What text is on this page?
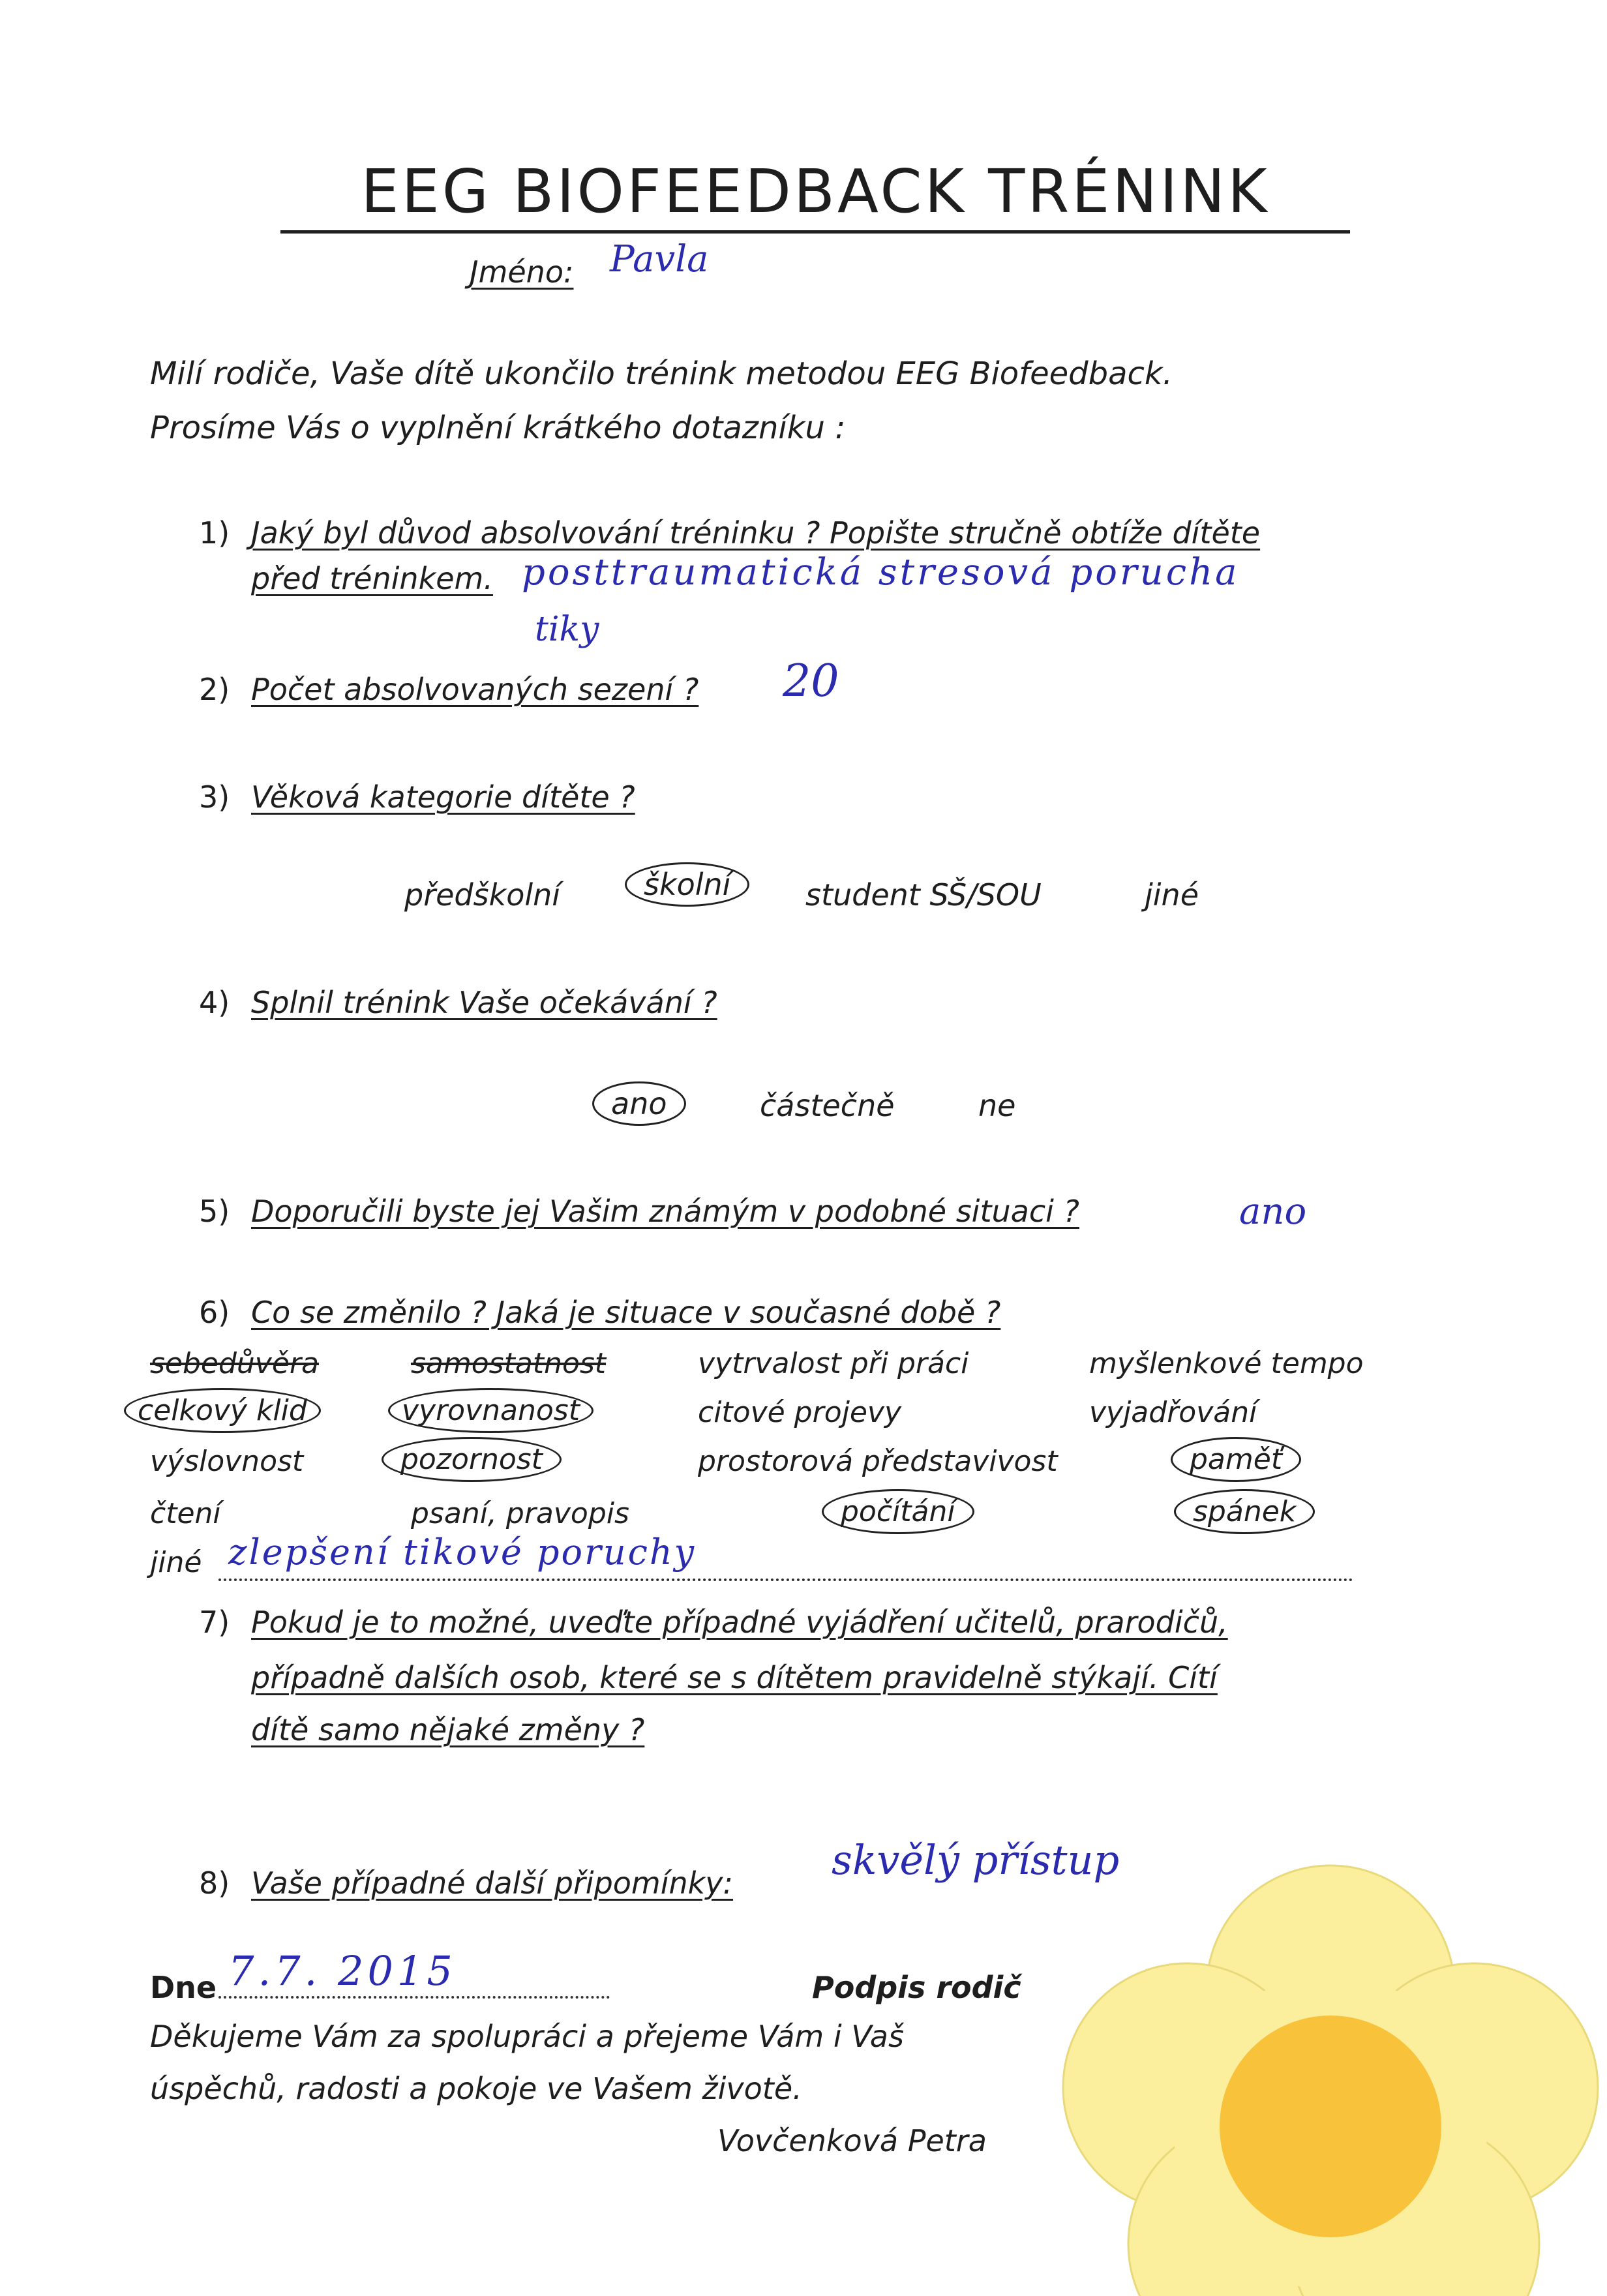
EEG BIOFEEDBACK TRÉNINK
Jméno: Pavla
Milí rodiče, Vaše dítě ukončilo trénink metodou EEG Biofeedback.
Prosíme Vás o vyplnění krátkého dotazníku :
1) Jaký byl důvod absolvování tréninku ? Popište stručně obtíže dítěte
před tréninkem. posttraumatická stresová porucha
tiky
2) Počet absolvovaných sezení ? 20
3) Věková kategorie dítěte ?
předškolní	školní	student SŠ/SOU	jiné
4) Splnil trénink Vaše očekávání ?
ano	částečně	ne
5) Doporučili byste jej Vašim známým v podobné situaci ?	ano
6) Co se změnilo ? Jaká je situace v současné době ?
sebedůvěra	samostatnost	vytrvalost při práci	myšlenkové tempo
celkový klid	vyrovnanost	citové projevy	vyjadřování
výslovnost	pozornost	prostorová představivost	paměť
čtení	psaní, pravopis	počítání	spánek
jiné zlepšení tikové poruchy
7) Pokud je to možné, uveďte případné vyjádření učitelů, prarodičů,
případně dalších osob, které se s dítětem pravidelně stýkají. Cítí
dítě samo nějaké změny ?
8) Vaše případné další připomínky: skvělý přístup
Dne 7.7. 2015	Podpis rodič
Děkujeme Vám za spolupráci a přejeme Vám i Vaš
úspěchů, radosti a pokoje ve Vašem životě.
Vovčenková Petra
